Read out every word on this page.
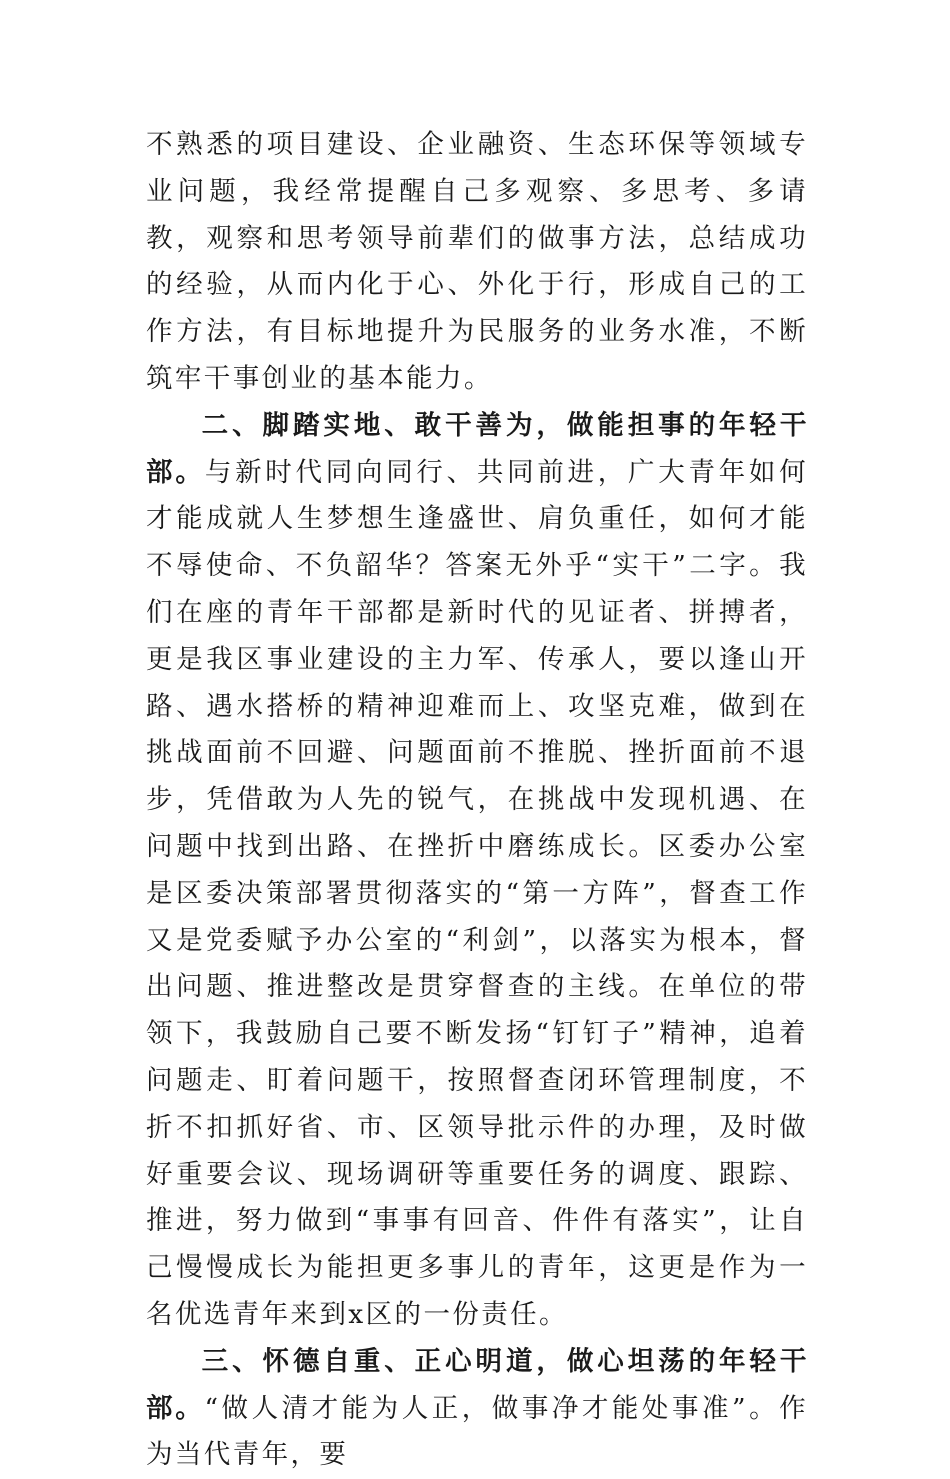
不熟悉的项目建设、企业融资、生态环保等领域专业问题，我经常提醒自己多观察、多思考、多请教，观察和思考领导前辈们的做事方法，总结成功的经验，从而内化于心、外化于行，形成自己的工作方法，有目标地提升为民服务的业务水准，不断筑牢干事创业的基本能力。

二、脚踏实地、敢干善为，做能担事的年轻干部。与新时代同向同行、共同前进，广大青年如何才能成就人生梦想生逢盛世、肩负重任，如何才能不辱使命、不负韶华？答案无外乎“实干”二字。我们在座的青年干部都是新时代的见证者、拼搏者，更是我区事业建设的主力军、传承人，要以逢山开路、遇水搭桥的精神迎难而上、攻坚克难，做到在挑战面前不回避、问题面前不推脱、挫折面前不退步，凭借敢为人先的锐气，在挑战中发现机遇、在问题中找到出路、在挫折中磨练成长。区委办公室是区委决策部署贯彻落实的“第一方阵”，督查工作又是党委赋予办公室的“利剑”，以落实为根本，督出问题、推进整改是贯穿督查的主线。在单位的带领下，我鼓励自己要不断发扬“钉钉子”精神，追着问题走、盯着问题干，按照督查闭环管理制度，不折不扣抓好省、市、区领导批示件的办理，及时做好重要会议、现场调研等重要任务的调度、跟踪、推进，努力做到“事事有回音、件件有落实”，让自己慢慢成长为能担更多事儿的青年，这更是作为一名优选青年来到x区的一份责任。

三、怀德自重、正心明道，做心坦荡的年轻干部。“做人清才能为人正，做事净才能处事准”。作为当代青年，要
